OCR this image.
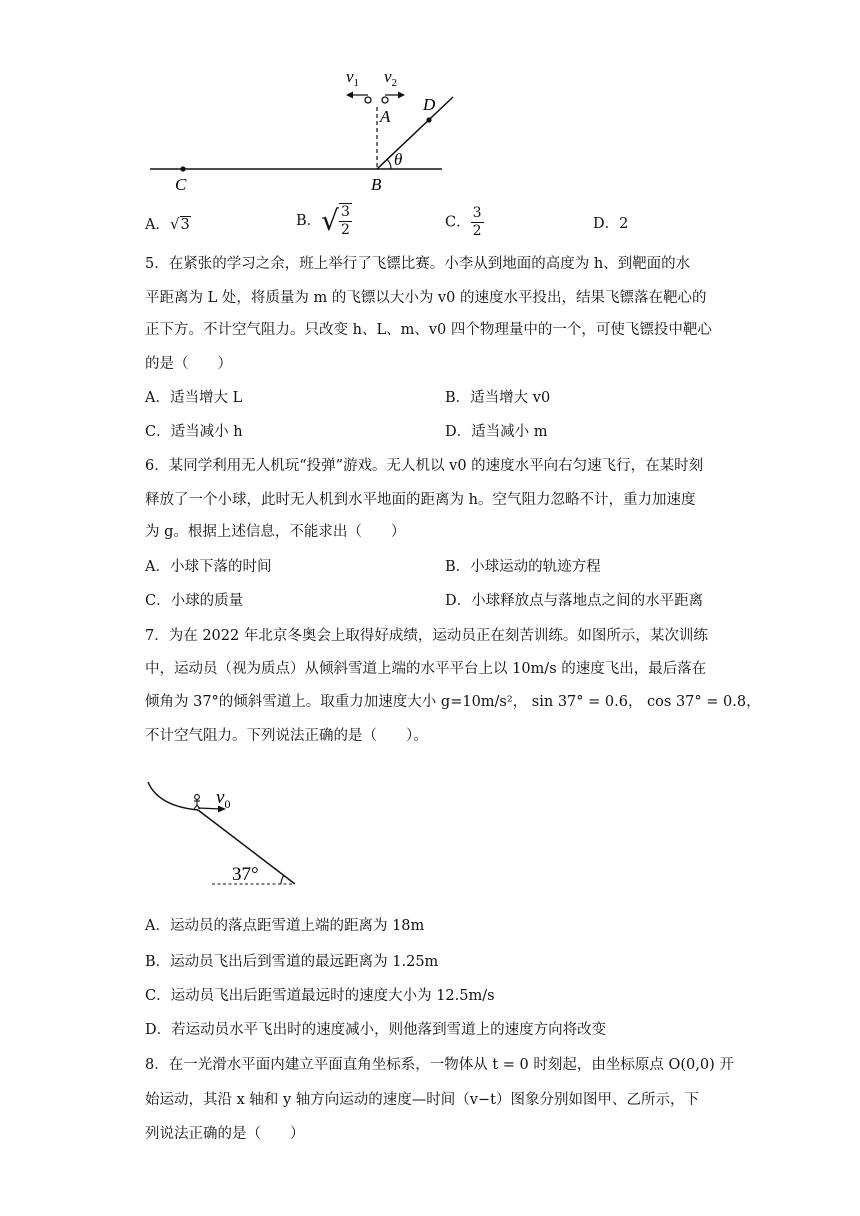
$v_1$ $v_2$
A
D
θ
B
C
A．√3	B．√ $\frac{3}{2}$	C． $\frac{3}{2}$	D．2
5．在紧张的学习之余，班上举行了飞镖比赛。小李从到地面的高度为 h、到靶面的水
平距离为 L 处，将质量为 m 的飞镖以大小为 v0 的速度水平投出，结果飞镖落在靶心的
正下方。不计空气阻力。只改变 h、L、m、v0 四个物理量中的一个，可使飞镖投中靶心
的是（　　）
A．适当增大 L	B．适当增大 v0
C．适当减小 h	D．适当减小 m
6．某同学利用无人机玩“投弹”游戏。无人机以 v0 的速度水平向右匀速飞行，在某时刻
释放了一个小球，此时无人机到水平地面的距离为 h。空气阻力忽略不计，重力加速度
为 g。根据上述信息，不能求出（　　）
A．小球下落的时间	B．小球运动的轨迹方程
C．小球的质量	D．小球释放点与落地点之间的水平距离
7．为在 2022 年北京冬奥会上取得好成绩，运动员正在刻苦训练。如图所示，某次训练
中，运动员（视为质点）从倾斜雪道上端的水平平台上以 10m/s 的速度飞出，最后落在
倾角为 37°的倾斜雪道上。取重力加速度大小 g=10m/s²， sin 37° = 0.6， cos 37° = 0.8，
不计空气阻力。下列说法正确的是（　　）。
$v_0$
37°
A．运动员的落点距雪道上端的距离为 18m
B．运动员飞出后到雪道的最远距离为 1.25m
C．运动员飞出后距雪道最远时的速度大小为 12.5m/s
D．若运动员水平飞出时的速度减小，则他落到雪道上的速度方向将改变
8．在一光滑水平面内建立平面直角坐标系，一物体从 t = 0 时刻起，由坐标原点 O(0,0) 开
始运动，其沿 x 轴和 y 轴方向运动的速度—时间（v−t）图象分别如图甲、乙所示，下
列说法正确的是（　　）
